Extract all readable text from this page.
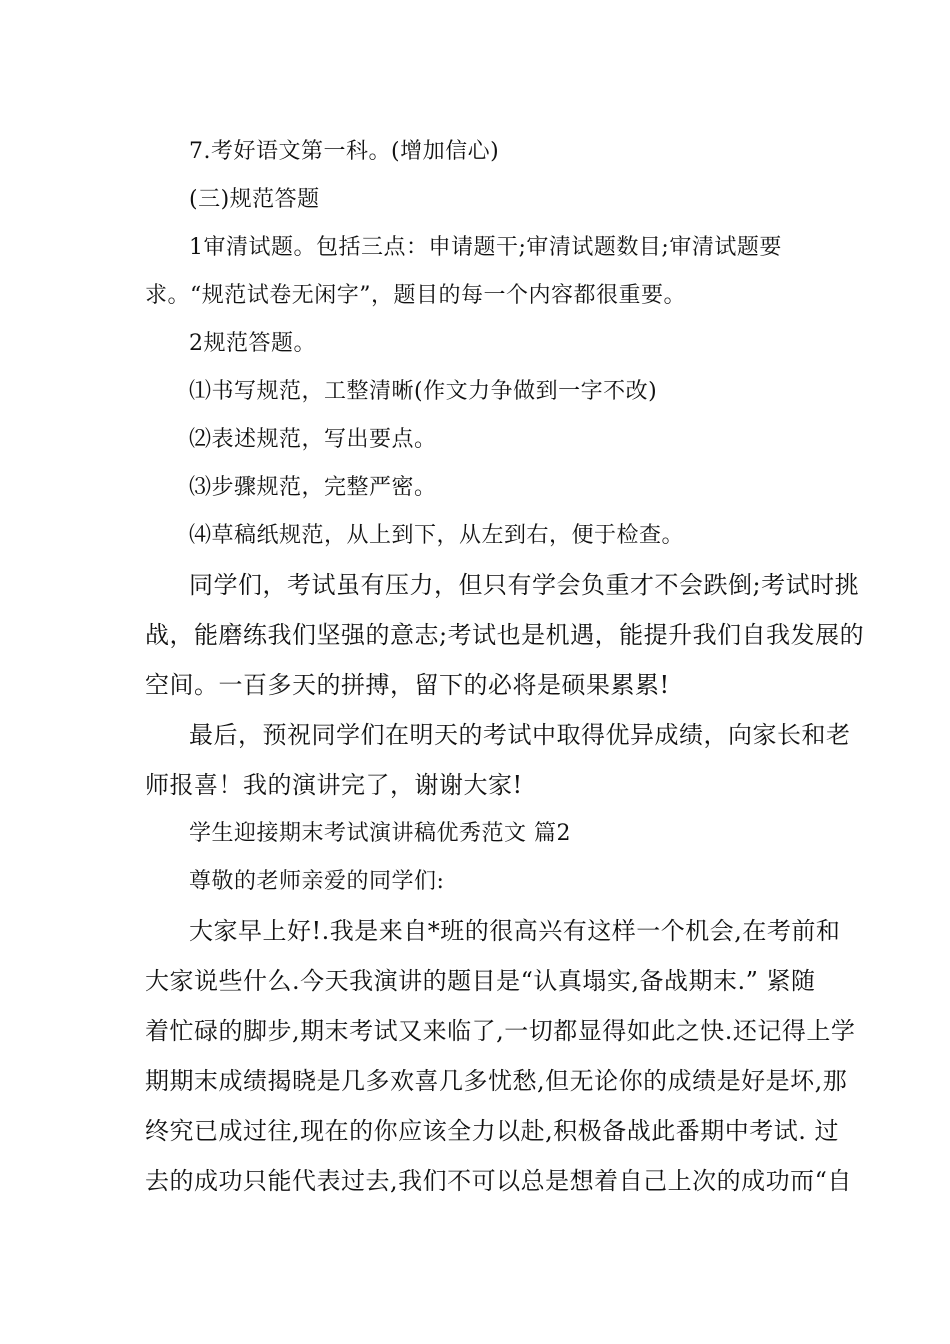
7.考好语文第一科。(增加信心)

(三)规范答题

1审清试题。包括三点：申请题干;审清试题数目;审清试题要
求。“规范试卷无闲字”，题目的每一个内容都很重要。

2规范答题。

⑴书写规范，工整清晰(作文力争做到一字不改)

⑵表述规范，写出要点。

⑶步骤规范，完整严密。

⑷草稿纸规范，从上到下，从左到右，便于检查。

同学们，考试虽有压力，但只有学会负重才不会跌倒;考试时挑
战，能磨练我们坚强的意志;考试也是机遇，能提升我们自我发展的
空间。一百多天的拼搏，留下的必将是硕果累累!

最后，预祝同学们在明天的考试中取得优异成绩，向家长和老
师报喜！我的演讲完了，谢谢大家!

学生迎接期末考试演讲稿优秀范文 篇2

尊敬的老师亲爱的同学们:

大家早上好!.我是来自*班的很高兴有这样一个机会,在考前和
大家说些什么.今天我演讲的题目是“认真塌实,备战期末.” 紧随
着忙碌的脚步,期末考试又来临了,一切都显得如此之快.还记得上学
期期末成绩揭晓是几多欢喜几多忧愁,但无论你的成绩是好是坏,那
终究已成过往,现在的你应该全力以赴,积极备战此番期中考试. 过
去的成功只能代表过去,我们不可以总是想着自己上次的成功而“自
